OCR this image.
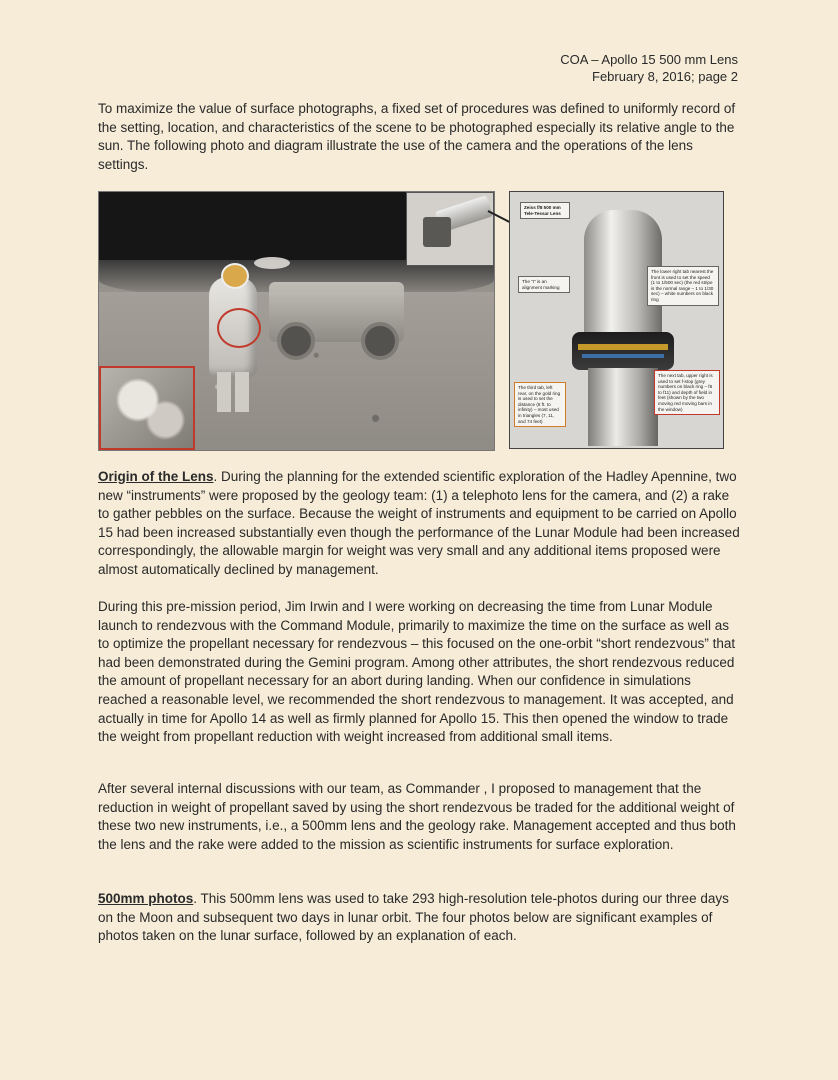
COA – Apollo 15 500 mm Lens
February 8, 2016; page 2

To maximize the value of surface photographs, a fixed set of procedures was defined to uniformly record of the setting, location, and characteristics of the scene to be photographed especially its relative angle to the sun. The following photo and diagram illustrate the use of the camera and the operations of the lens settings.

Zeiss f/8 500 mm Tele-Tessar Lens
The "I" is an alignment marking
The lower right tab nearest the front is used to set the speed (1 to 1/500 sec) (the red stripe is the normal range – 1 to 1/30 sec) – white numbers on black ring
The third tab, left rear, on the gold ring is used to set the distance (8 ft. to infinity) – most used in triangles (7, 11, and 74 feet)
The next tab, upper right is used to set f-stop (grey numbers on black ring – f8 to f11) and depth of field in feet (shown by the two moving red moving bars in the window)

Origin of the Lens. During the planning for the extended scientific exploration of the Hadley Apennine, two new “instruments” were proposed by the geology team: (1) a telephoto lens for the camera, and (2) a rake to gather pebbles on the surface. Because the weight of instruments and equipment to be carried on Apollo 15 had been increased substantially even though the performance of the Lunar Module had been increased correspondingly, the allowable margin for weight was very small and any additional items proposed were almost automatically declined by management.

During this pre-mission period, Jim Irwin and I were working on decreasing the time from Lunar Module launch to rendezvous with the Command Module, primarily to maximize the time on the surface as well as to optimize the propellant necessary for rendezvous – this focused on the one-orbit “short rendezvous” that had been demonstrated during the Gemini program. Among other attributes, the short rendezvous reduced the amount of propellant necessary for an abort during landing. When our confidence in simulations reached a reasonable level, we recommended the short rendezvous to management. It was accepted, and actually in time for Apollo 14 as well as firmly planned for Apollo 15. This then opened the window to trade the weight from propellant reduction with weight increased from additional small items.

After several internal discussions with our team, as Commander , I proposed to management that the reduction in weight of propellant saved by using the short rendezvous be traded for the additional weight of these two new instruments, i.e., a 500mm lens and the geology rake. Management accepted and thus both the lens and the rake were added to the mission as scientific instruments for surface exploration.

500mm photos. This 500mm lens was used to take 293 high-resolution tele-photos during our three days on the Moon and subsequent two days in lunar orbit. The four photos below are significant examples of photos taken on the lunar surface, followed by an explanation of each.
